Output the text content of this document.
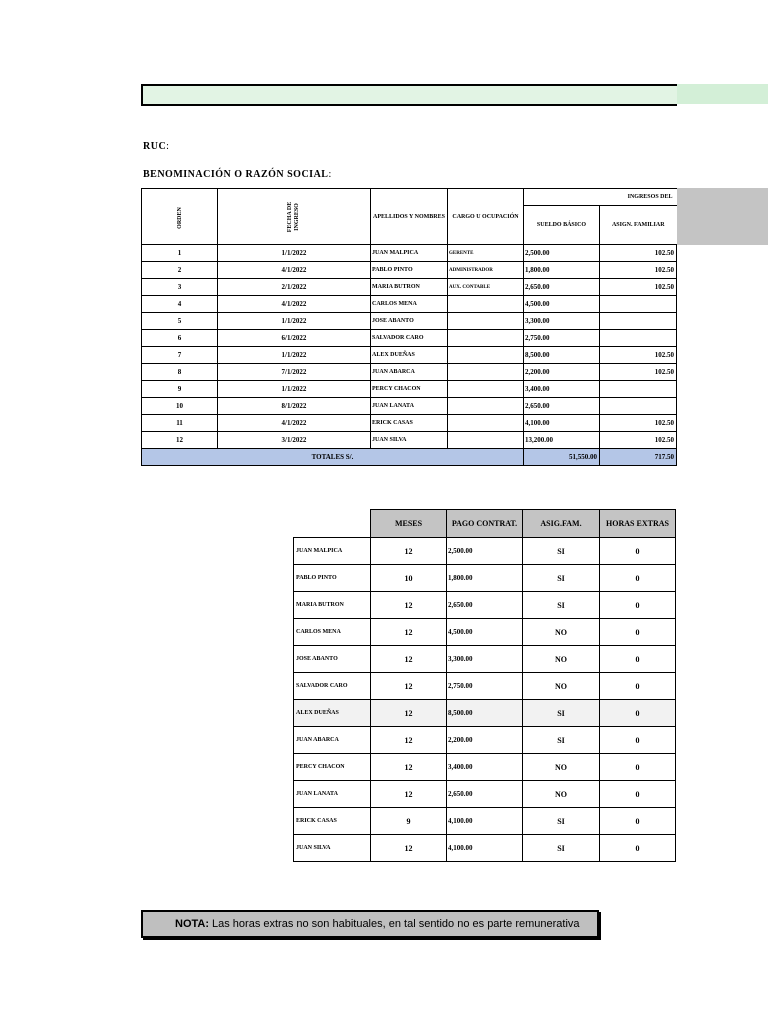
RUC:
BENOMINACIÓN O RAZÓN SOCIAL:
ORDEN	FECHA DE INGRESO	APELLIDOS Y NOMBRES	CARGO U OCUPACIÓN	INGRESOS DEL	
				SUELDO BÁSICO	ASIGN. FAMILIAR
1	1/1/2022	JUAN MALPICA	GERENTE	2,500.00	102.50
2	4/1/2022	PABLO PINTO	ADMINISTRADOR	1,800.00	102.50
3	2/1/2022	MARIA BUTRON	AUX. CONTABLE	2,650.00	102.50
4	4/1/2022	CARLOS MENA		4,500.00	
5	1/1/2022	JOSE ABANTO		3,300.00	
6	6/1/2022	SALVADOR CARO		2,750.00	
7	1/1/2022	ALEX DUEÑAS		8,500.00	102.50
8	7/1/2022	JUAN ABARCA		2,200.00	102.50
9	1/1/2022	PERCY CHACON		3,400.00	
10	8/1/2022	JUAN LANATA		2,650.00	
11	4/1/2022	ERICK CASAS		4,100.00	102.50
12	3/1/2022	JUAN SILVA		13,200.00	102.50
TOTALES S/.				51,550.00	717.50
	MESES	PAGO CONTRAT.	ASIG.FAM.	HORAS EXTRAS
JUAN MALPICA	12	2,500.00	SI	0
PABLO PINTO	10	1,800.00	SI	0
MARIA BUTRON	12	2,650.00	SI	0
CARLOS MENA	12	4,500.00	NO	0
JOSE ABANTO	12	3,300.00	NO	0
SALVADOR CARO	12	2,750.00	NO	0
ALEX DUEÑAS	12	8,500.00	SI	0
JUAN ABARCA	12	2,200.00	SI	0
PERCY CHACON	12	3,400.00	NO	0
JUAN LANATA	12	2,650.00	NO	0
ERICK CASAS	9	4,100.00	SI	0
JUAN SILVA	12	4,100.00	SI	0
NOTA: Las horas extras no son habituales, en tal sentido no es parte remunerativa
